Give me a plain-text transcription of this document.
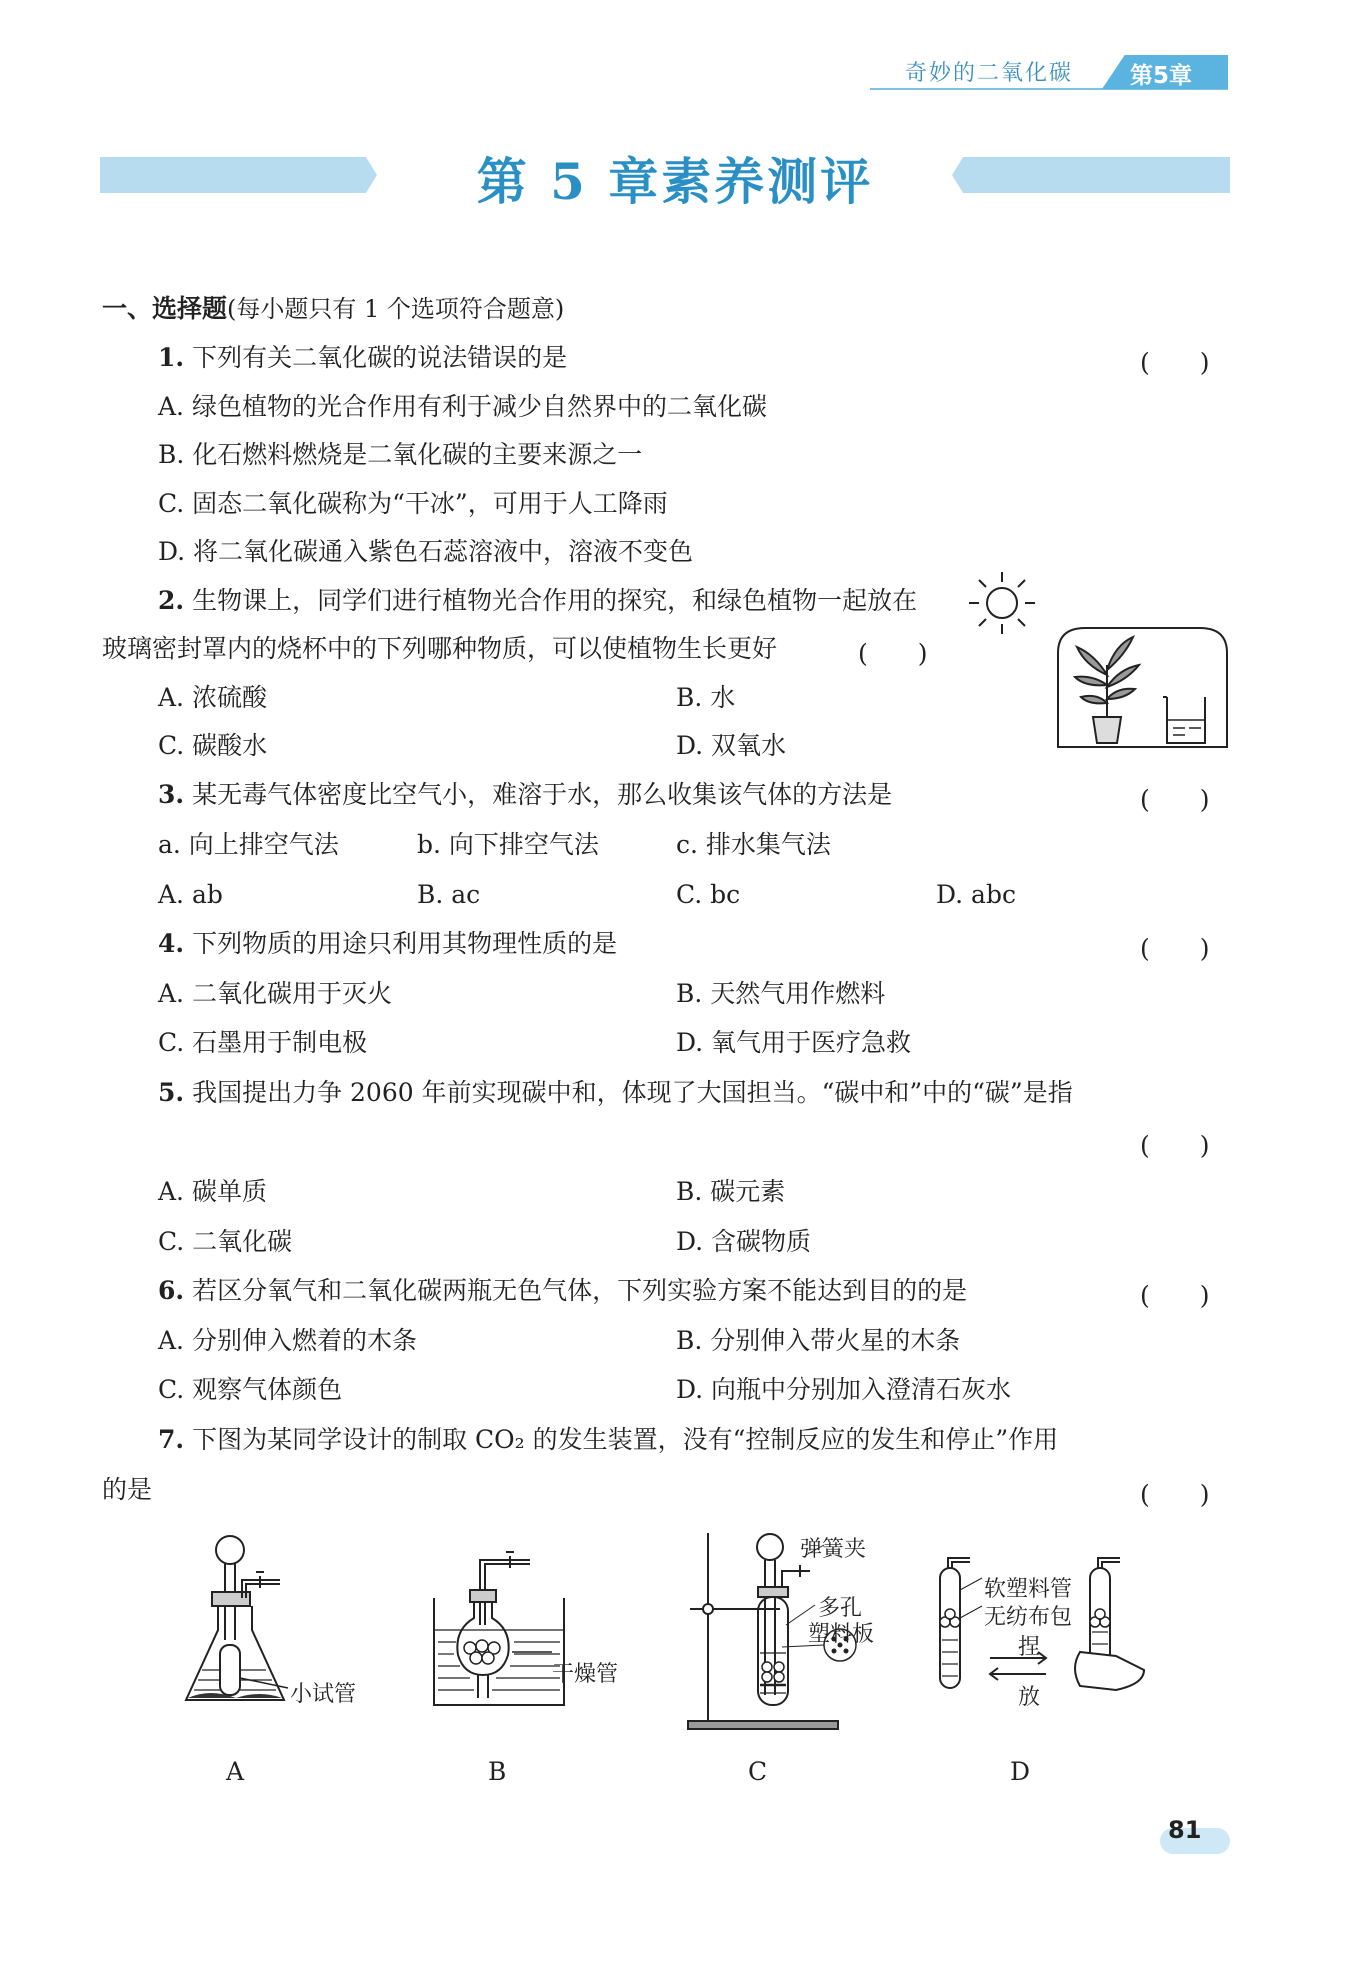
奇妙的二氧化碳 第5章
第 5 章素养测评
一、选择题(每小题只有 1 个选项符合题意)
1. 下列有关二氧化碳的说法错误的是	(　　)
A. 绿色植物的光合作用有利于减少自然界中的二氧化碳
B. 化石燃料燃烧是二氧化碳的主要来源之一
C. 固态二氧化碳称为“干冰”，可用于人工降雨
D. 将二氧化碳通入紫色石蕊溶液中，溶液不变色
2. 生物课上，同学们进行植物光合作用的探究，和绿色植物一起放在
玻璃密封罩内的烧杯中的下列哪种物质，可以使植物生长更好	(　　)
A. 浓硫酸	B. 水
C. 碳酸水	D. 双氧水
3. 某无毒气体密度比空气小，难溶于水，那么收集该气体的方法是	(　　)
a. 向上排空气法	b. 向下排空气法	c. 排水集气法
A. ab	B. ac	C. bc	D. abc
4. 下列物质的用途只利用其物理性质的是	(　　)
A. 二氧化碳用于灭火	B. 天然气用作燃料
C. 石墨用于制电极	D. 氧气用于医疗急救
5. 我国提出力争 2060 年前实现碳中和，体现了大国担当。“碳中和”中的“碳”是指
(　　)
A. 碳单质	B. 碳元素
C. 二氧化碳	D. 含碳物质
6. 若区分氧气和二氧化碳两瓶无色气体，下列实验方案不能达到目的的是	(　　)
A. 分别伸入燃着的木条	B. 分别伸入带火星的木条
C. 观察气体颜色	D. 向瓶中分别加入澄清石灰水
7. 下图为某同学设计的制取 CO₂ 的发生装置，没有“控制反应的发生和停止”作用
的是	(　　)
小试管
A
干燥管
B
弹簧夹
多孔
塑料板
C
软塑料管
无纺布包
捏
放
D
81
